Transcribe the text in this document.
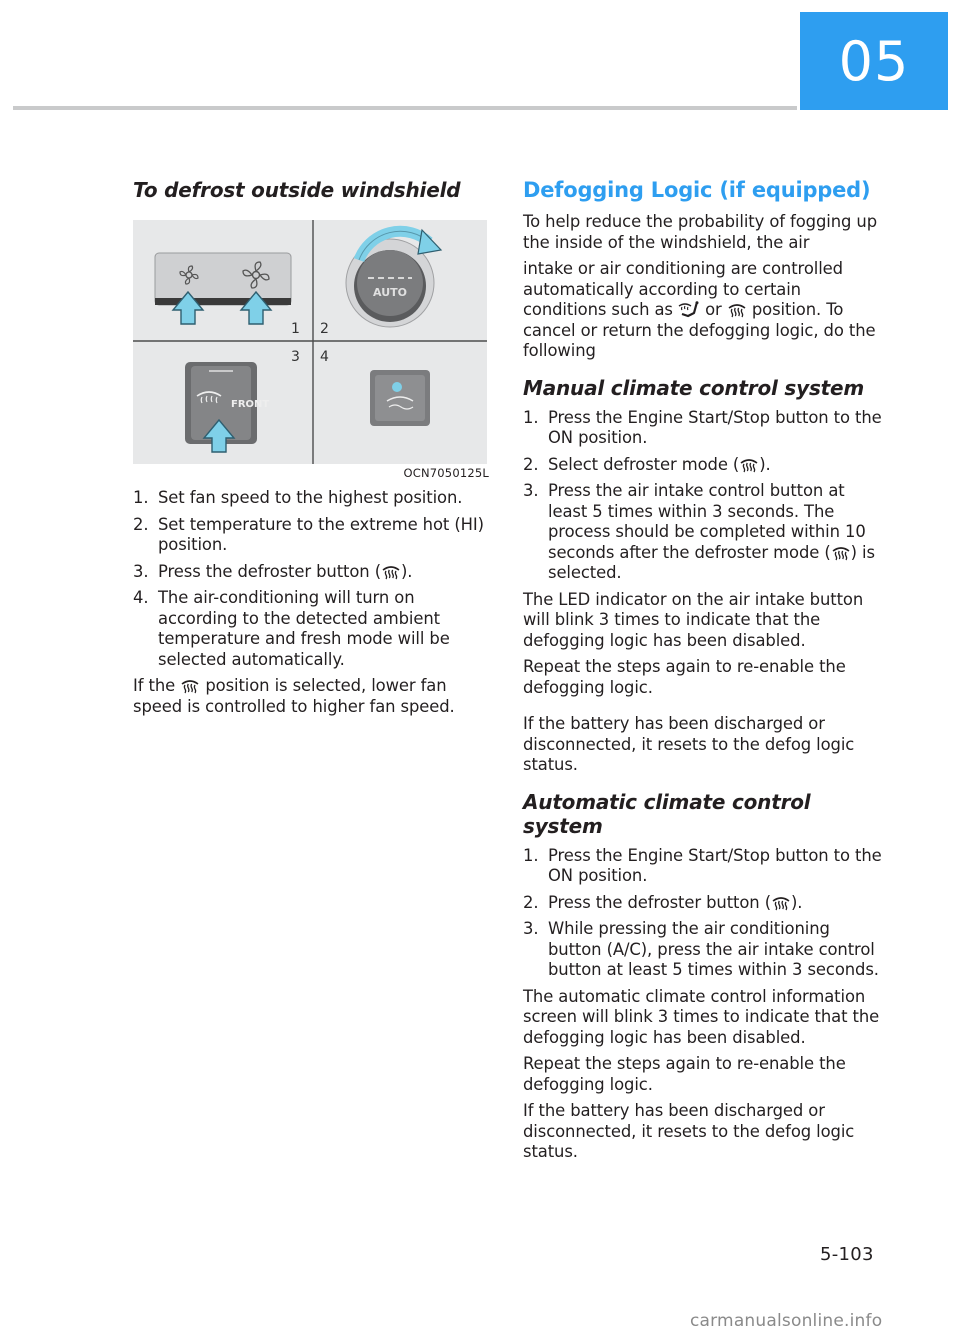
05
To defrost outside windshield
1 2
AUTO
3 4
FRONT
OCN7050125L
1. Set fan speed to the highest position.
2. Set temperature to the extreme hot (HI) position.
3. Press the defroster button ( ).
4. The air-conditioning will turn on according to the detected ambient temperature and fresh mode will be selected automatically.

If the
position is selected, lower fan speed is controlled to higher fan speed.

Defogging Logic (if equipped)

To help reduce the probability of fogging up the inside of the windshield, the air

intake or air conditioning are controlled automatically according to certain conditions such as
or
position. To cancel or return the defogging logic, do the following

Manual climate control system
1. Press the Engine Start/Stop button to the ON position.
2. Select defroster mode ( ).
3. Press the air intake control button at least 5 times within 3 seconds. The process should be completed within 10 seconds after the defroster mode ( ) is selected.

The LED indicator on the air intake button will blink 3 times to indicate that the defogging logic has been disabled.

Repeat the steps again to re-enable the defogging logic.

If the battery has been discharged or disconnected, it resets to the defog logic status.

Automatic climate control system
1. Press the Engine Start/Stop button to the ON position.
2. Press the defroster button ( ).
3. While pressing the air conditioning button (A/C), press the air intake control button at least 5 times within 3 seconds.

The automatic climate control information screen will blink 3 times to indicate that the defogging logic has been disabled.

Repeat the steps again to re-enable the defogging logic.

If the battery has been discharged or disconnected, it resets to the defog logic status.

5-103
carmanualsonline.info
